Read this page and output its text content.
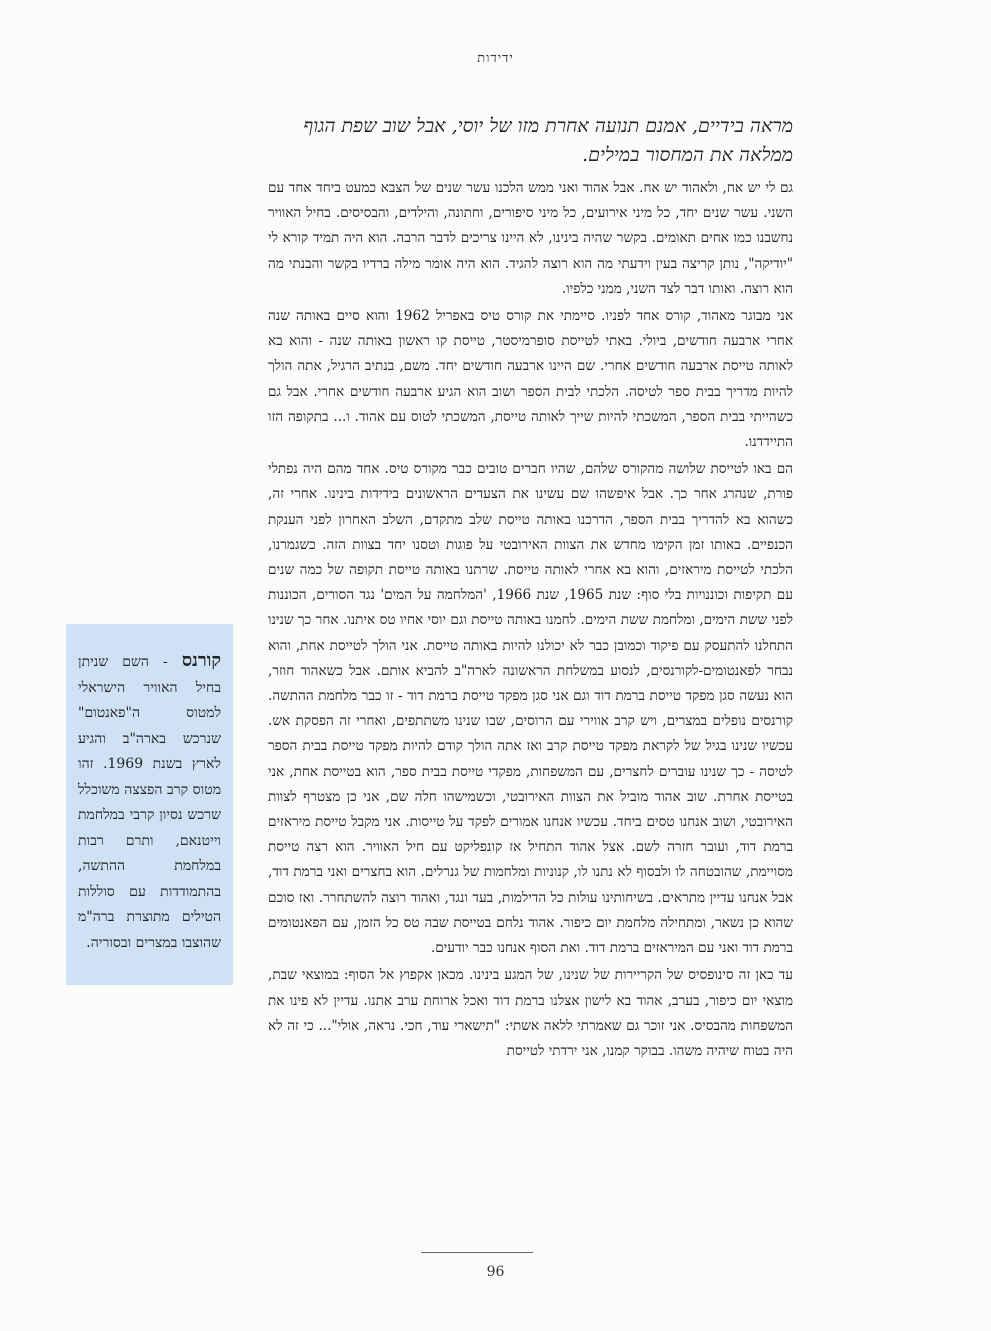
ידידות
מראה בידיים, אמנם תנועה אחרת מזו של יוסי, אבל שוב שפת הגוף ממלאה את המחסור במילים.

גם לי יש אח, ולאהוד יש אח. אבל אהוד ואני ממש הלכנו עשר שנים של הצבא כמעט ביחד אחד עם השני. עשר שנים יחד, כל מיני אירועים, כל מיני סיפורים, וחתונה, והילדים, והבסיסים. בחיל האוויר נחשבנו כמו אחים תאומים. בקשר שהיה בינינו, לא היינו צריכים לדבר הרבה. הוא היה תמיד קורא לי "יודיקה", נותן קריצה בעין וידעתי מה הוא רוצה להגיד. הוא היה אומר מילה ברדיו בקשר והבנתי מה הוא רוצה. ואותו דבר לצד השני, ממני כלפיו.

אני מבוגר מאהוד, קורס אחד לפניו. סיימתי את קורס טיס באפריל 1962 והוא סיים באותה שנה אחרי ארבעה חודשים, ביולי. באתי לטייסת סופרמיסטר, טייסת קו ראשון באותה שנה - והוא בא לאותה טייסת ארבעה חודשים אחרי. שם היינו ארבעה חודשים יחד. משם, בנתיב הרגיל, אתה הולך להיות מדריך בבית ספר לטיסה. הלכתי לבית הספר ושוב הוא הגיע ארבעה חודשים אחרי. אבל גם כשהייתי בבית הספר, המשכתי להיות שייך לאותה טייסת, המשכתי לטוס עם אהוד. ו... בתקופה הזו התיידדנו.

הם באו לטייסת שלושה מהקורס שלהם, שהיו חברים טובים כבר מקורס טיס. אחד מהם היה נפתלי פורת, שנהרג אחר כך. אבל איפשהו שם עשינו את הצעדים הראשונים בידידות בינינו. אחרי זה, כשהוא בא להדריך בבית הספר, הדרכנו באותה טייסת שלב מתקדם, השלב האחרון לפני הענקת הכנפיים. באותו זמן הקימו מחדש את הצוות האירובטי על פוגות וטסנו יחד בצוות הזה. כשגמרנו, הלכתי לטייסת מיראזים, והוא בא אחרי לאותה טייסת. שרתנו באותה טייסת תקופה של כמה שנים עם תקיפות וכוננויות בלי סוף: שנת 1965, שנת 1966, 'המלחמה על המים' נגד הסורים, הכוננות לפני ששת הימים, ומלחמת ששת הימים. לחמנו באותה טייסת וגם יוסי אחיו טס איתנו. אחר כך שנינו התחלנו להתעסק עם פיקוד וכמובן כבר לא יכולנו להיות באותה טייסת. אני הולך לטייסת אחת, והוא נבחר לפאנטומים-לקורנסים, לנסוע במשלחת הראשונה לארה"ב להביא אותם. אבל כשאהוד חוזר, הוא נעשה סגן מפקד טייסת ברמת דוד וגם אני סגן מפקד טייסת ברמת דוד - זו כבר מלחמת ההתשה. קורנסים נופלים במצרים, ויש קרב אווירי עם הרוסים, שבו שנינו משתתפים, ואחרי זה הפסקת אש. עכשיו שנינו בגיל של לקראת מפקד טייסת קרב ואז אתה הולך קודם להיות מפקד טייסת בבית הספר לטיסה - כך שנינו עוברים לחצרים, עם המשפחות, מפקדי טייסת בבית ספר, הוא בטייסת אחת, אני בטייסת אחרת. שוב אהוד מוביל את הצוות האירובטי, וכשמישהו חלה שם, אני כן מצטרף לצוות האירובטי, ושוב אנחנו טסים ביחד. עכשיו אנחנו אמורים לפקד על טייסות. אני מקבל טייסת מיראזים ברמת דוד, ועובר חזרה לשם. אצל אהוד התחיל אז קונפליקט עם חיל האוויר. הוא רצה טייסת מסויימת, שהובטחה לו ולבסוף לא נתנו לו, קנוניות ומלחמות של גנרלים. הוא בחצרים ואני ברמת דוד, אבל אנחנו עדיין מתראים. בשיחותינו עולות כל הדילמות, בעד ונגד, ואהוד רוצה להשתחרר. ואז סוכם שהוא כן נשאר, ומתחילה מלחמת יום כיפור. אהוד נלחם בטייסת שבה טס כל הזמן, עם הפאנטומים ברמת דוד ואני עם המיראזים ברמת דוד. ואת הסוף אנחנו כבר יודעים.

עד כאן זה סינופסיס של הקריירות של שנינו, של המגע בינינו. מכאן אקפוץ אל הסוף: במוצאי שבת, מוצאי יום כיפור, בערב, אהוד בא לישון אצלנו ברמת דוד ואכל ארוחת ערב אתנו. עדיין לא פינו את המשפחות מהבסיס. אני זוכר גם שאמרתי ללאה אשתי: "תישארי עוד, חכי. נראה, אולי"... כי זה לא היה בטוח שיהיה משהו. בבוקר קמנו, אני ירדתי לטייסת

קורנס - השם שניתן בחיל האוויר הישראלי למטוס ה"פאנטום" שנרכש בארה"ב והגיע לארץ בשנת 1969. זהו מטוס קרב הפצצה משוכלל שרכש נסיון קרבי במלחמת וייטנאם, ותרם רבות במלחמת ההתשה, בהתמודדות עם סוללות הטילים מתוצרת ברה"מ שהוצבו במצרים ובסוריה.
96
